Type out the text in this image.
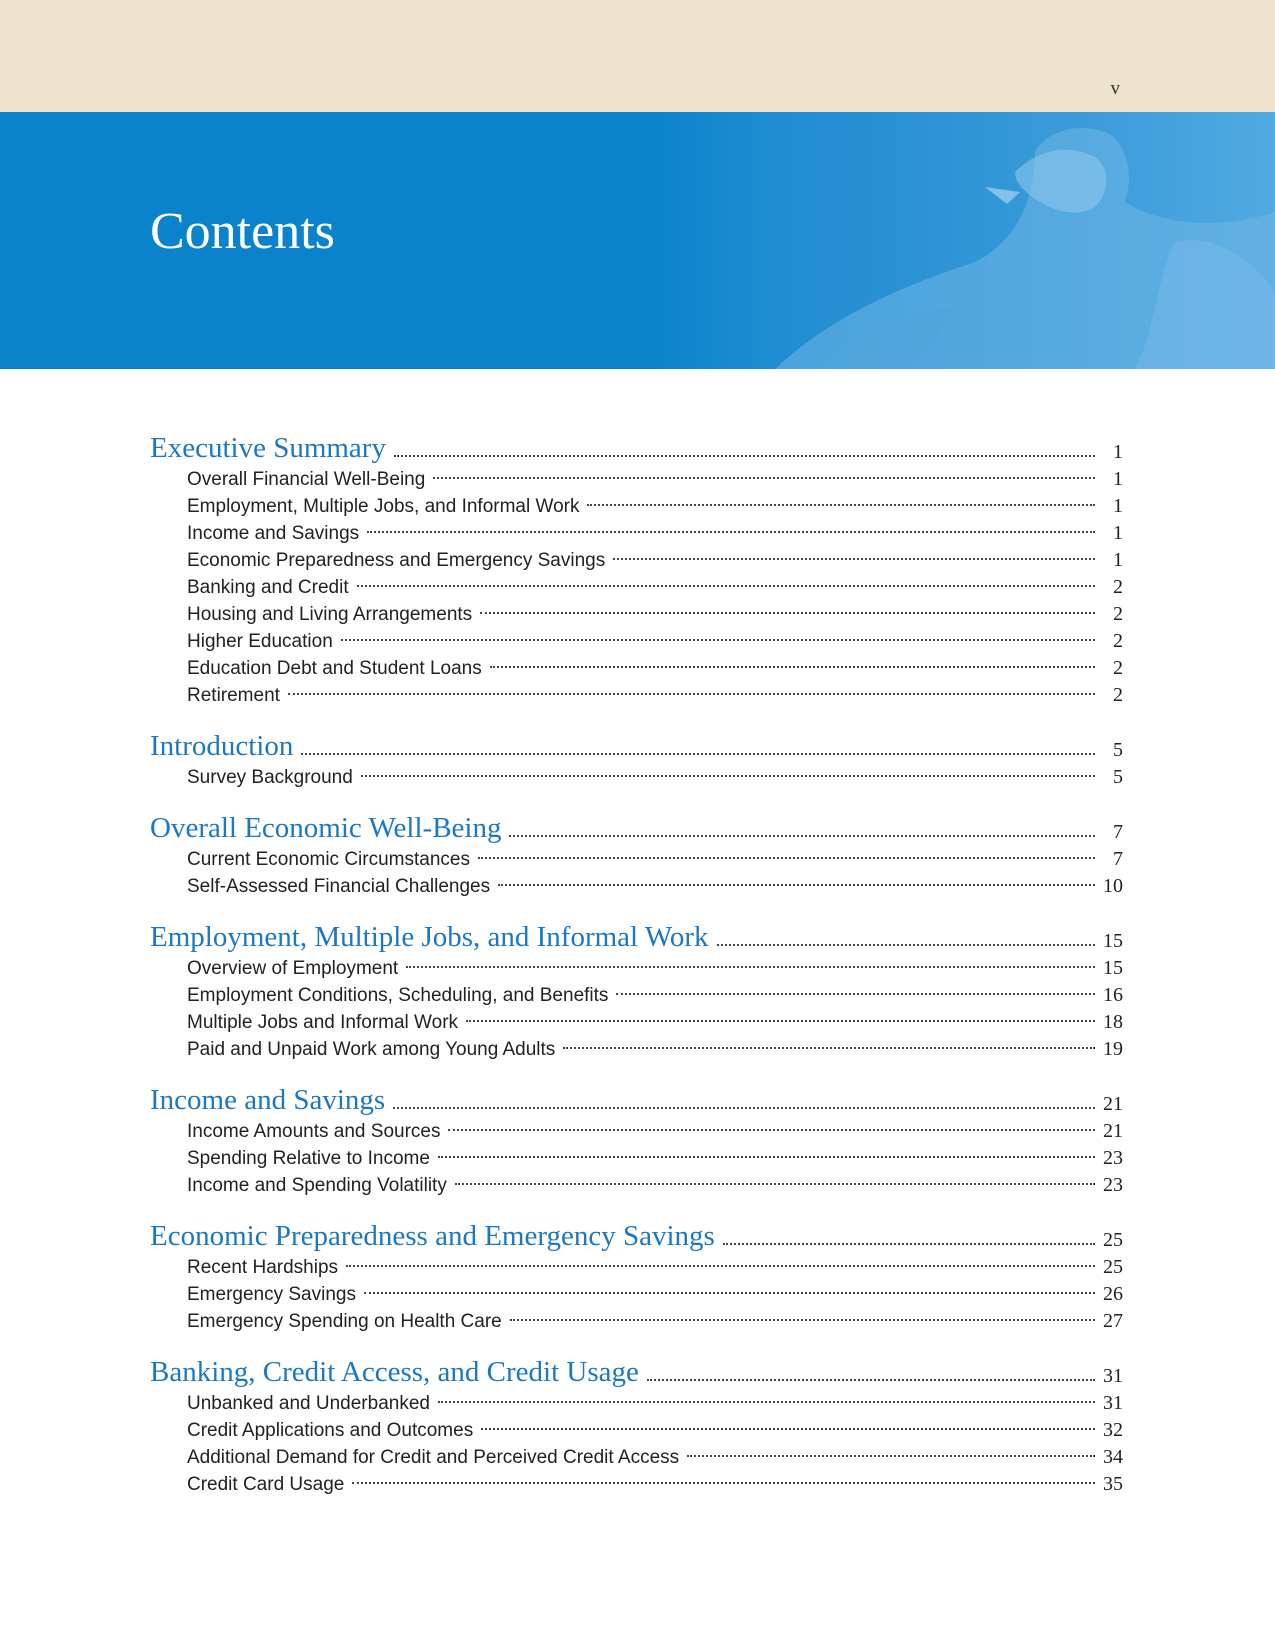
v
Contents
Executive Summary	1
Overall Financial Well-Being	1
Employment, Multiple Jobs, and Informal Work	1
Income and Savings	1
Economic Preparedness and Emergency Savings	1
Banking and Credit	2
Housing and Living Arrangements	2
Higher Education	2
Education Debt and Student Loans	2
Retirement	2
Introduction	5
Survey Background	5
Overall Economic Well-Being	7
Current Economic Circumstances	7
Self-Assessed Financial Challenges	10
Employment, Multiple Jobs, and Informal Work	15
Overview of Employment	15
Employment Conditions, Scheduling, and Benefits	16
Multiple Jobs and Informal Work	18
Paid and Unpaid Work among Young Adults	19
Income and Savings	21
Income Amounts and Sources	21
Spending Relative to Income	23
Income and Spending Volatility	23
Economic Preparedness and Emergency Savings	25
Recent Hardships	25
Emergency Savings	26
Emergency Spending on Health Care	27
Banking, Credit Access, and Credit Usage	31
Unbanked and Underbanked	31
Credit Applications and Outcomes	32
Additional Demand for Credit and Perceived Credit Access	34
Credit Card Usage	35
